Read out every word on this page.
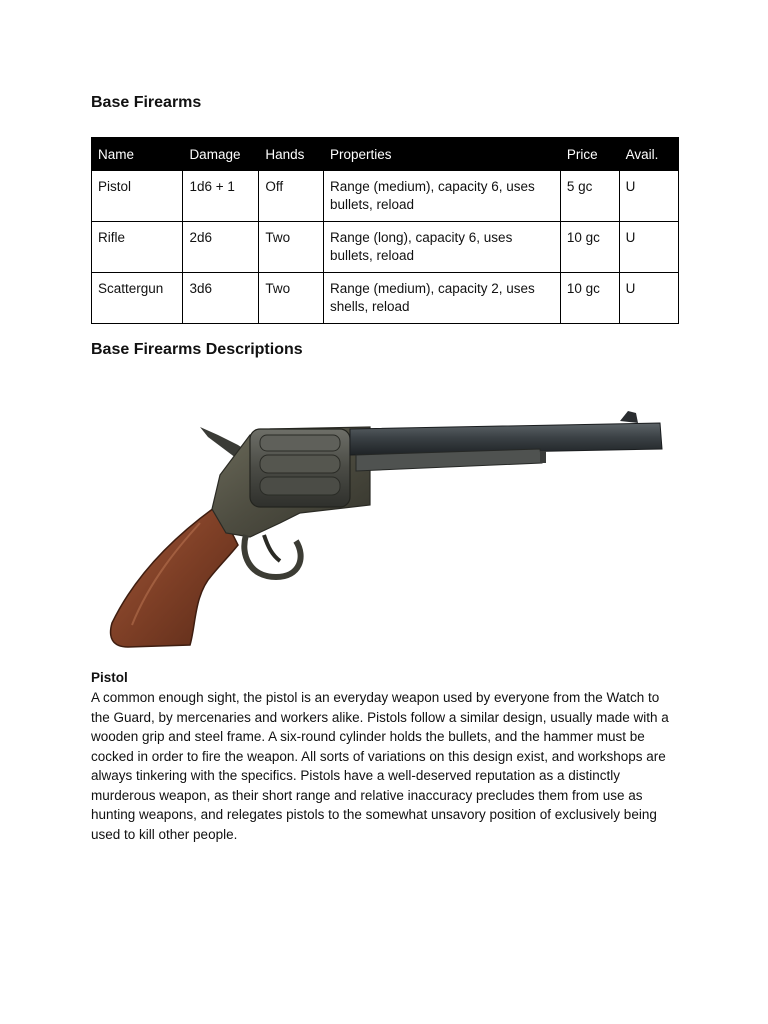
Base Firearms
Name	Damage	Hands	Properties	Price	Avail.
Pistol	1d6 + 1	Off	Range (medium), capacity 6, uses bullets, reload	5 gc	U
Rifle	2d6	Two	Range (long), capacity 6, uses bullets, reload	10 gc	U
Scattergun	3d6	Two	Range (medium), capacity 2, uses shells, reload	10 gc	U
Base Firearms Descriptions
Pistol

A common enough sight, the pistol is an everyday weapon used by everyone from the Watch to the Guard, by mercenaries and workers alike. Pistols follow a similar design, usually made with a wooden grip and steel frame. A six-round cylinder holds the bullets, and the hammer must be cocked in order to fire the weapon. All sorts of variations on this design exist, and workshops are always tinkering with the specifics. Pistols have a well-deserved reputation as a distinctly murderous weapon, as their short range and relative inaccuracy precludes them from use as hunting weapons, and relegates pistols to the somewhat unsavory position of exclusively being used to kill other people.
